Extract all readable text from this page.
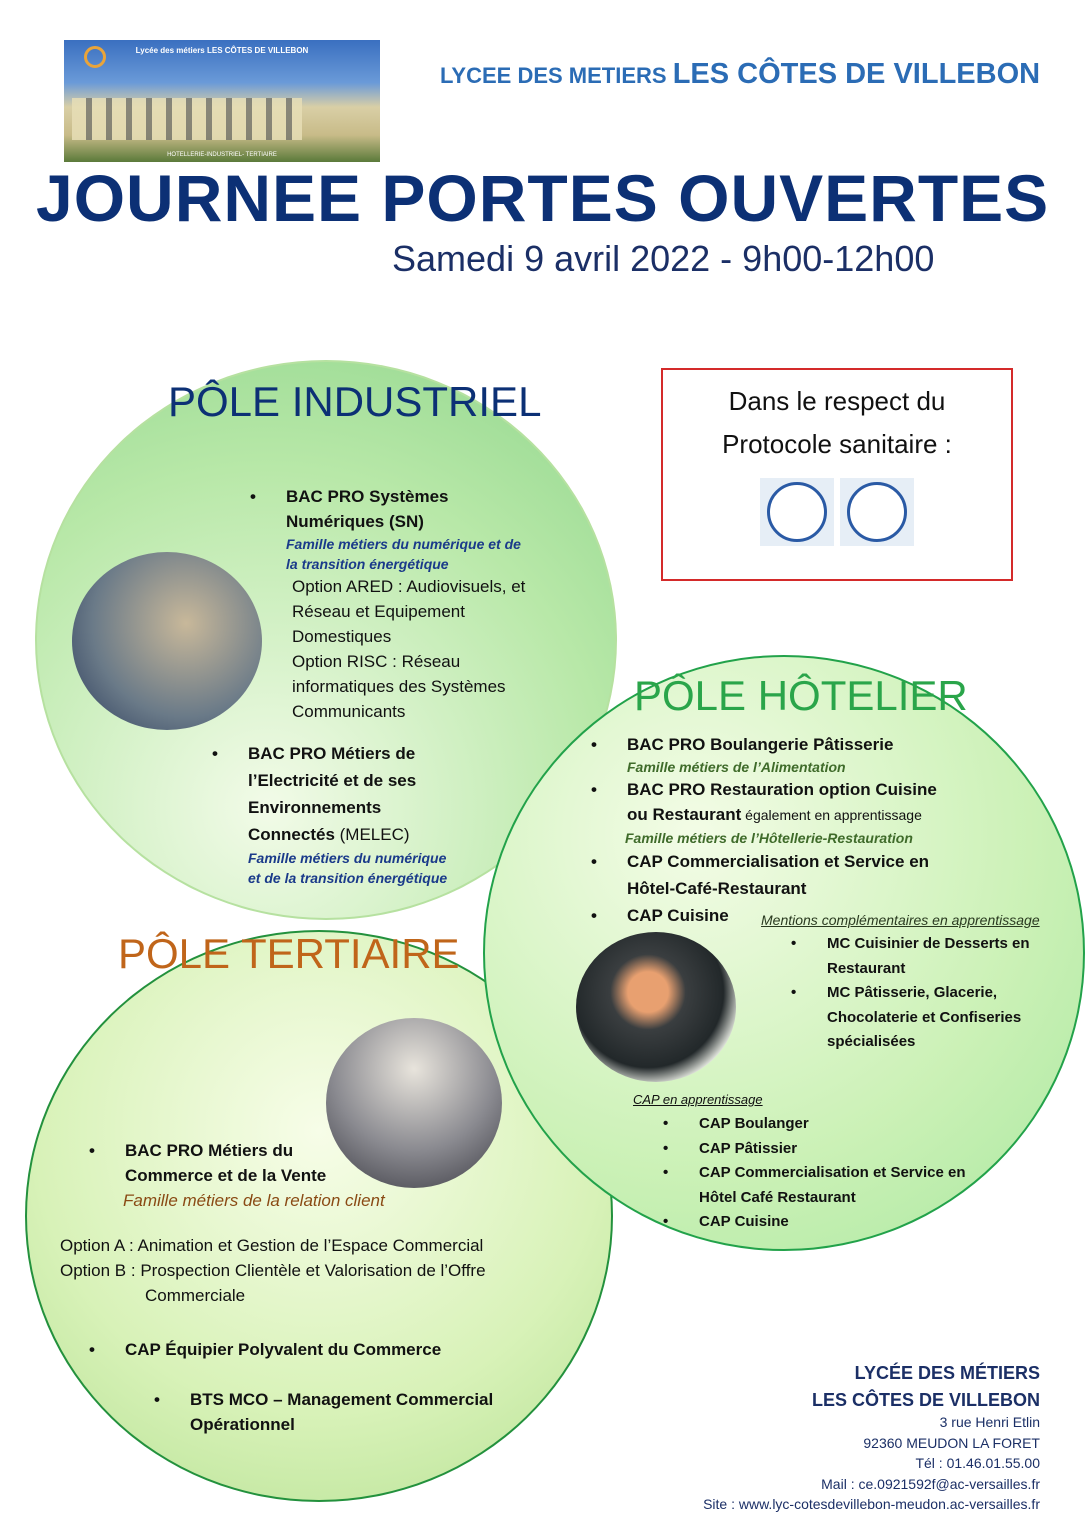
Lycée des métiers LES CÔTES DE VILLEBON
HOTELLERIE-INDUSTRIEL- TERTIAIRE
LYCEE DES METIERS LES CÔTES DE VILLEBON
JOURNEE PORTES OUVERTES
Samedi 9 avril 2022 - 9h00-12h00
Dans le respect du
Protocole sanitaire :
PÔLE INDUSTRIEL
• BAC PRO Systèmes
Numériques (SN)
Famille métiers du numérique et de
la transition énergétique
Option ARED : Audiovisuels, et
Réseau et Equipement
Domestiques
Option RISC : Réseau
informatiques des Systèmes
Communicants
• BAC PRO Métiers de
l’Electricité et de ses
Environnements
Connectés (MELEC)
Famille métiers du numérique
et de la transition énergétique
PÔLE TERTIAIRE
• BAC PRO Métiers du
Commerce et de la Vente
Famille métiers de la relation client
Option A : Animation et Gestion de l’Espace Commercial
Option B : Prospection Clientèle et Valorisation de l’Offre
Commerciale
• CAP Équipier Polyvalent du Commerce
• BTS MCO – Management Commercial
Opérationnel
PÔLE HÔTELIER
• BAC PRO Boulangerie Pâtisserie
Famille métiers de l’Alimentation
• BAC PRO Restauration option Cuisine
ou Restaurant également en apprentissage
Famille métiers de l’Hôtellerie-Restauration
• CAP Commercialisation et Service en
Hôtel-Café-Restaurant
• CAP Cuisine	Mentions complémentaires en apprentissage
• MC Cuisinier de Desserts en
Restaurant
• MC Pâtisserie, Glacerie,
Chocolaterie et Confiseries
spécialisées
CAP en apprentissage
• CAP Boulanger
• CAP Pâtissier
• CAP Commercialisation et Service en
Hôtel Café Restaurant
• CAP Cuisine
LYCÉE DES MÉTIERS
LES CÔTES DE VILLEBON
3 rue Henri Etlin
92360 MEUDON LA FORET
Tél : 01.46.01.55.00
Mail : ce.0921592f@ac-versailles.fr
Site : www.lyc-cotesdevillebon-meudon.ac-versailles.fr
